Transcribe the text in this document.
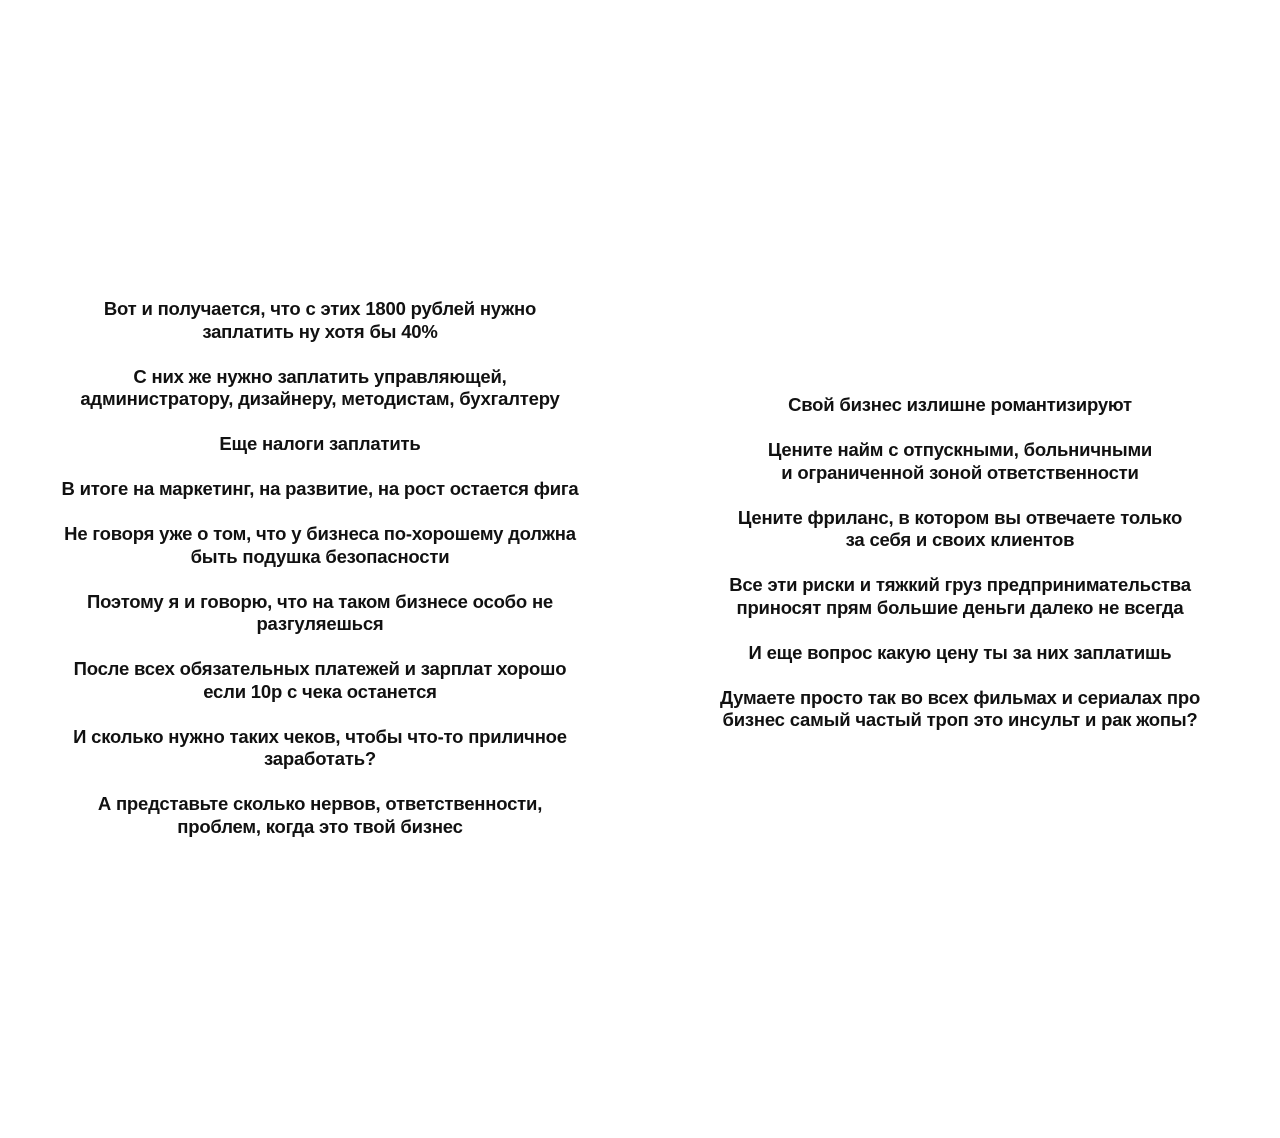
Вот и получается, что с этих 1800 рублей нужно
заплатить ну хотя бы 40%
С них же нужно заплатить управляющей,
администратору, дизайнеру, методистам, бухгалтеру
Еще налоги заплатить
В итоге на маркетинг, на развитие, на рост остается фига
Не говоря уже о том, что у бизнеса по-хорошему должна
быть подушка безопасности
Поэтому я и говорю, что на таком бизнесе особо не
разгуляешься
После всех обязательных платежей и зарплат хорошо
если 10р с чека останется
И сколько нужно таких чеков, чтобы что-то приличное
заработать?
А представьте сколько нервов, ответственности,
проблем, когда это твой бизнес
Свой бизнес излишне романтизируют
Цените найм с отпускными, больничными
и ограниченной зоной ответственности
Цените фриланс, в котором вы отвечаете только
за себя и своих клиентов
Все эти риски и тяжкий груз предпринимательства
приносят прям большие деньги далеко не всегда
И еще вопрос какую цену ты за них заплатишь
Думаете просто так во всех фильмах и сериалах про
бизнес самый частый троп это инсульт и рак жопы?
